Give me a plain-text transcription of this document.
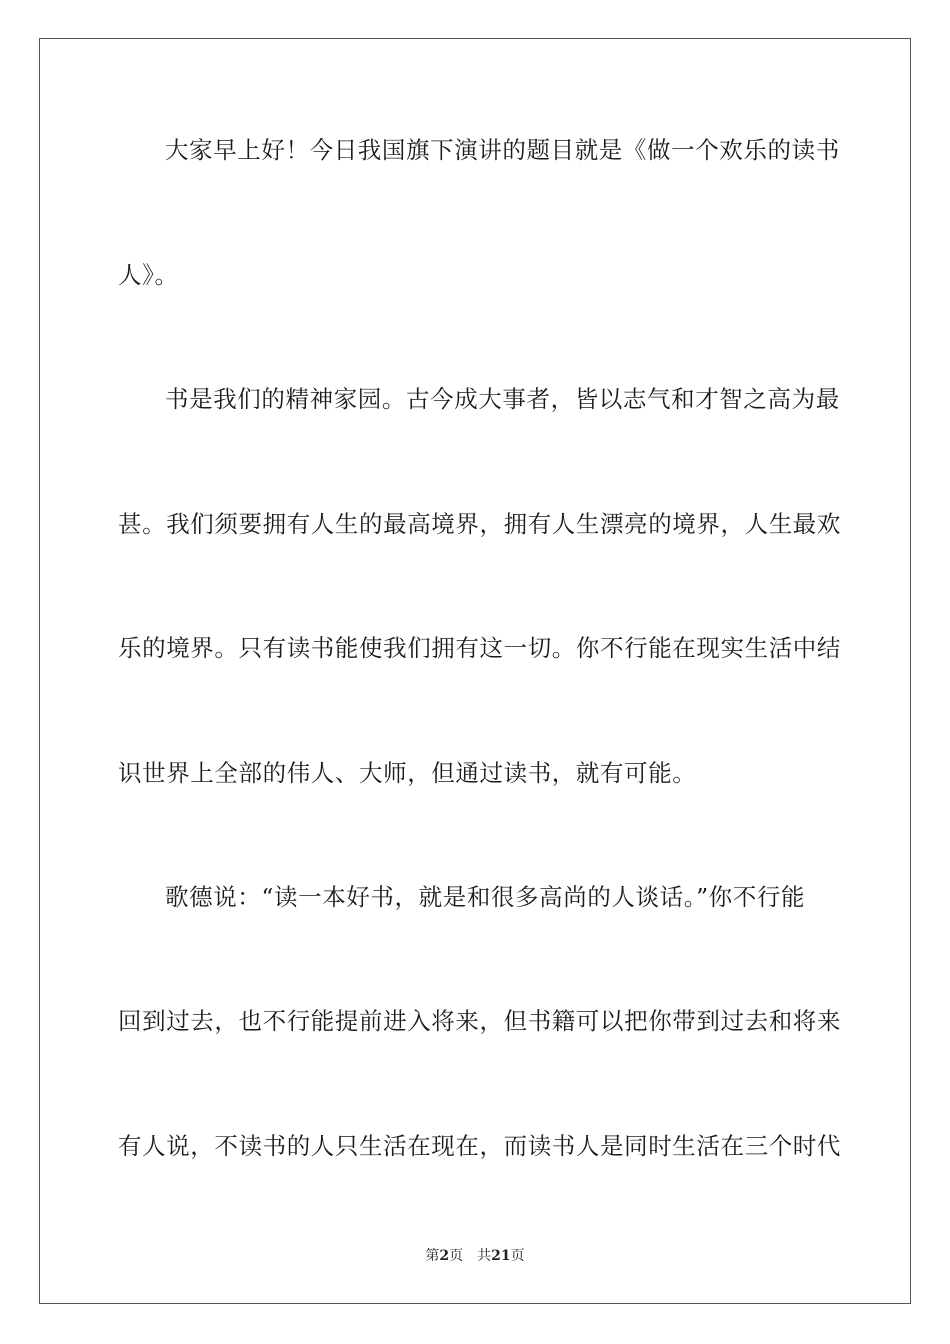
大家早上好！今日我国旗下演讲的题目就是《做一个欢乐的读书
人》。
书是我们的精神家园。古今成大事者，皆以志气和才智之高为最
甚。我们须要拥有人生的最高境界，拥有人生漂亮的境界，人生最欢
乐的境界。只有读书能使我们拥有这一切。你不行能在现实生活中结
识世界上全部的伟人、大师，但通过读书，就有可能。
歌德说：“读一本好书，就是和很多高尚的人谈话。”你不行能
回到过去，也不行能提前进入将来，但书籍可以把你带到过去和将来
有人说，不读书的人只生活在现在，而读书人是同时生活在三个时代
第2页 共21页
